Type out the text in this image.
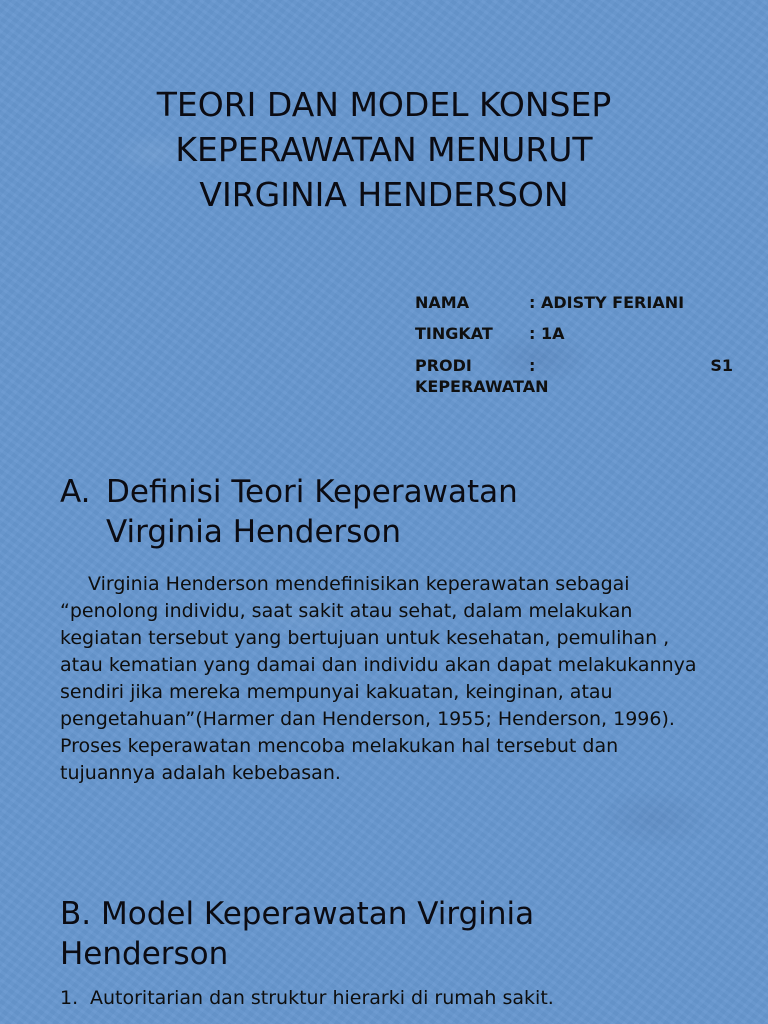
TEORI DAN MODEL KONSEP
KEPERAWATAN MENURUT
VIRGINIA HENDERSON
NAMA	: ADISTY FERIANI
TINGKAT	: 1A
PRODI	:	S1
KEPERAWATAN
A. Definisi Teori Keperawatan
Virginia Henderson

Virginia Henderson mendefinisikan keperawatan sebagai “penolong individu, saat sakit atau sehat, dalam melakukan kegiatan tersebut yang bertujuan untuk kesehatan, pemulihan , atau kematian yang damai dan individu akan dapat melakukannya sendiri jika mereka mempunyai kakuatan, keinginan, atau pengetahuan”(Harmer dan Henderson, 1955; Henderson, 1996). Proses keperawatan mencoba melakukan hal tersebut dan tujuannya adalah kebebasan.

B. Model Keperawatan Virginia Henderson
1. Autoritarian dan struktur hierarki di rumah sakit.
